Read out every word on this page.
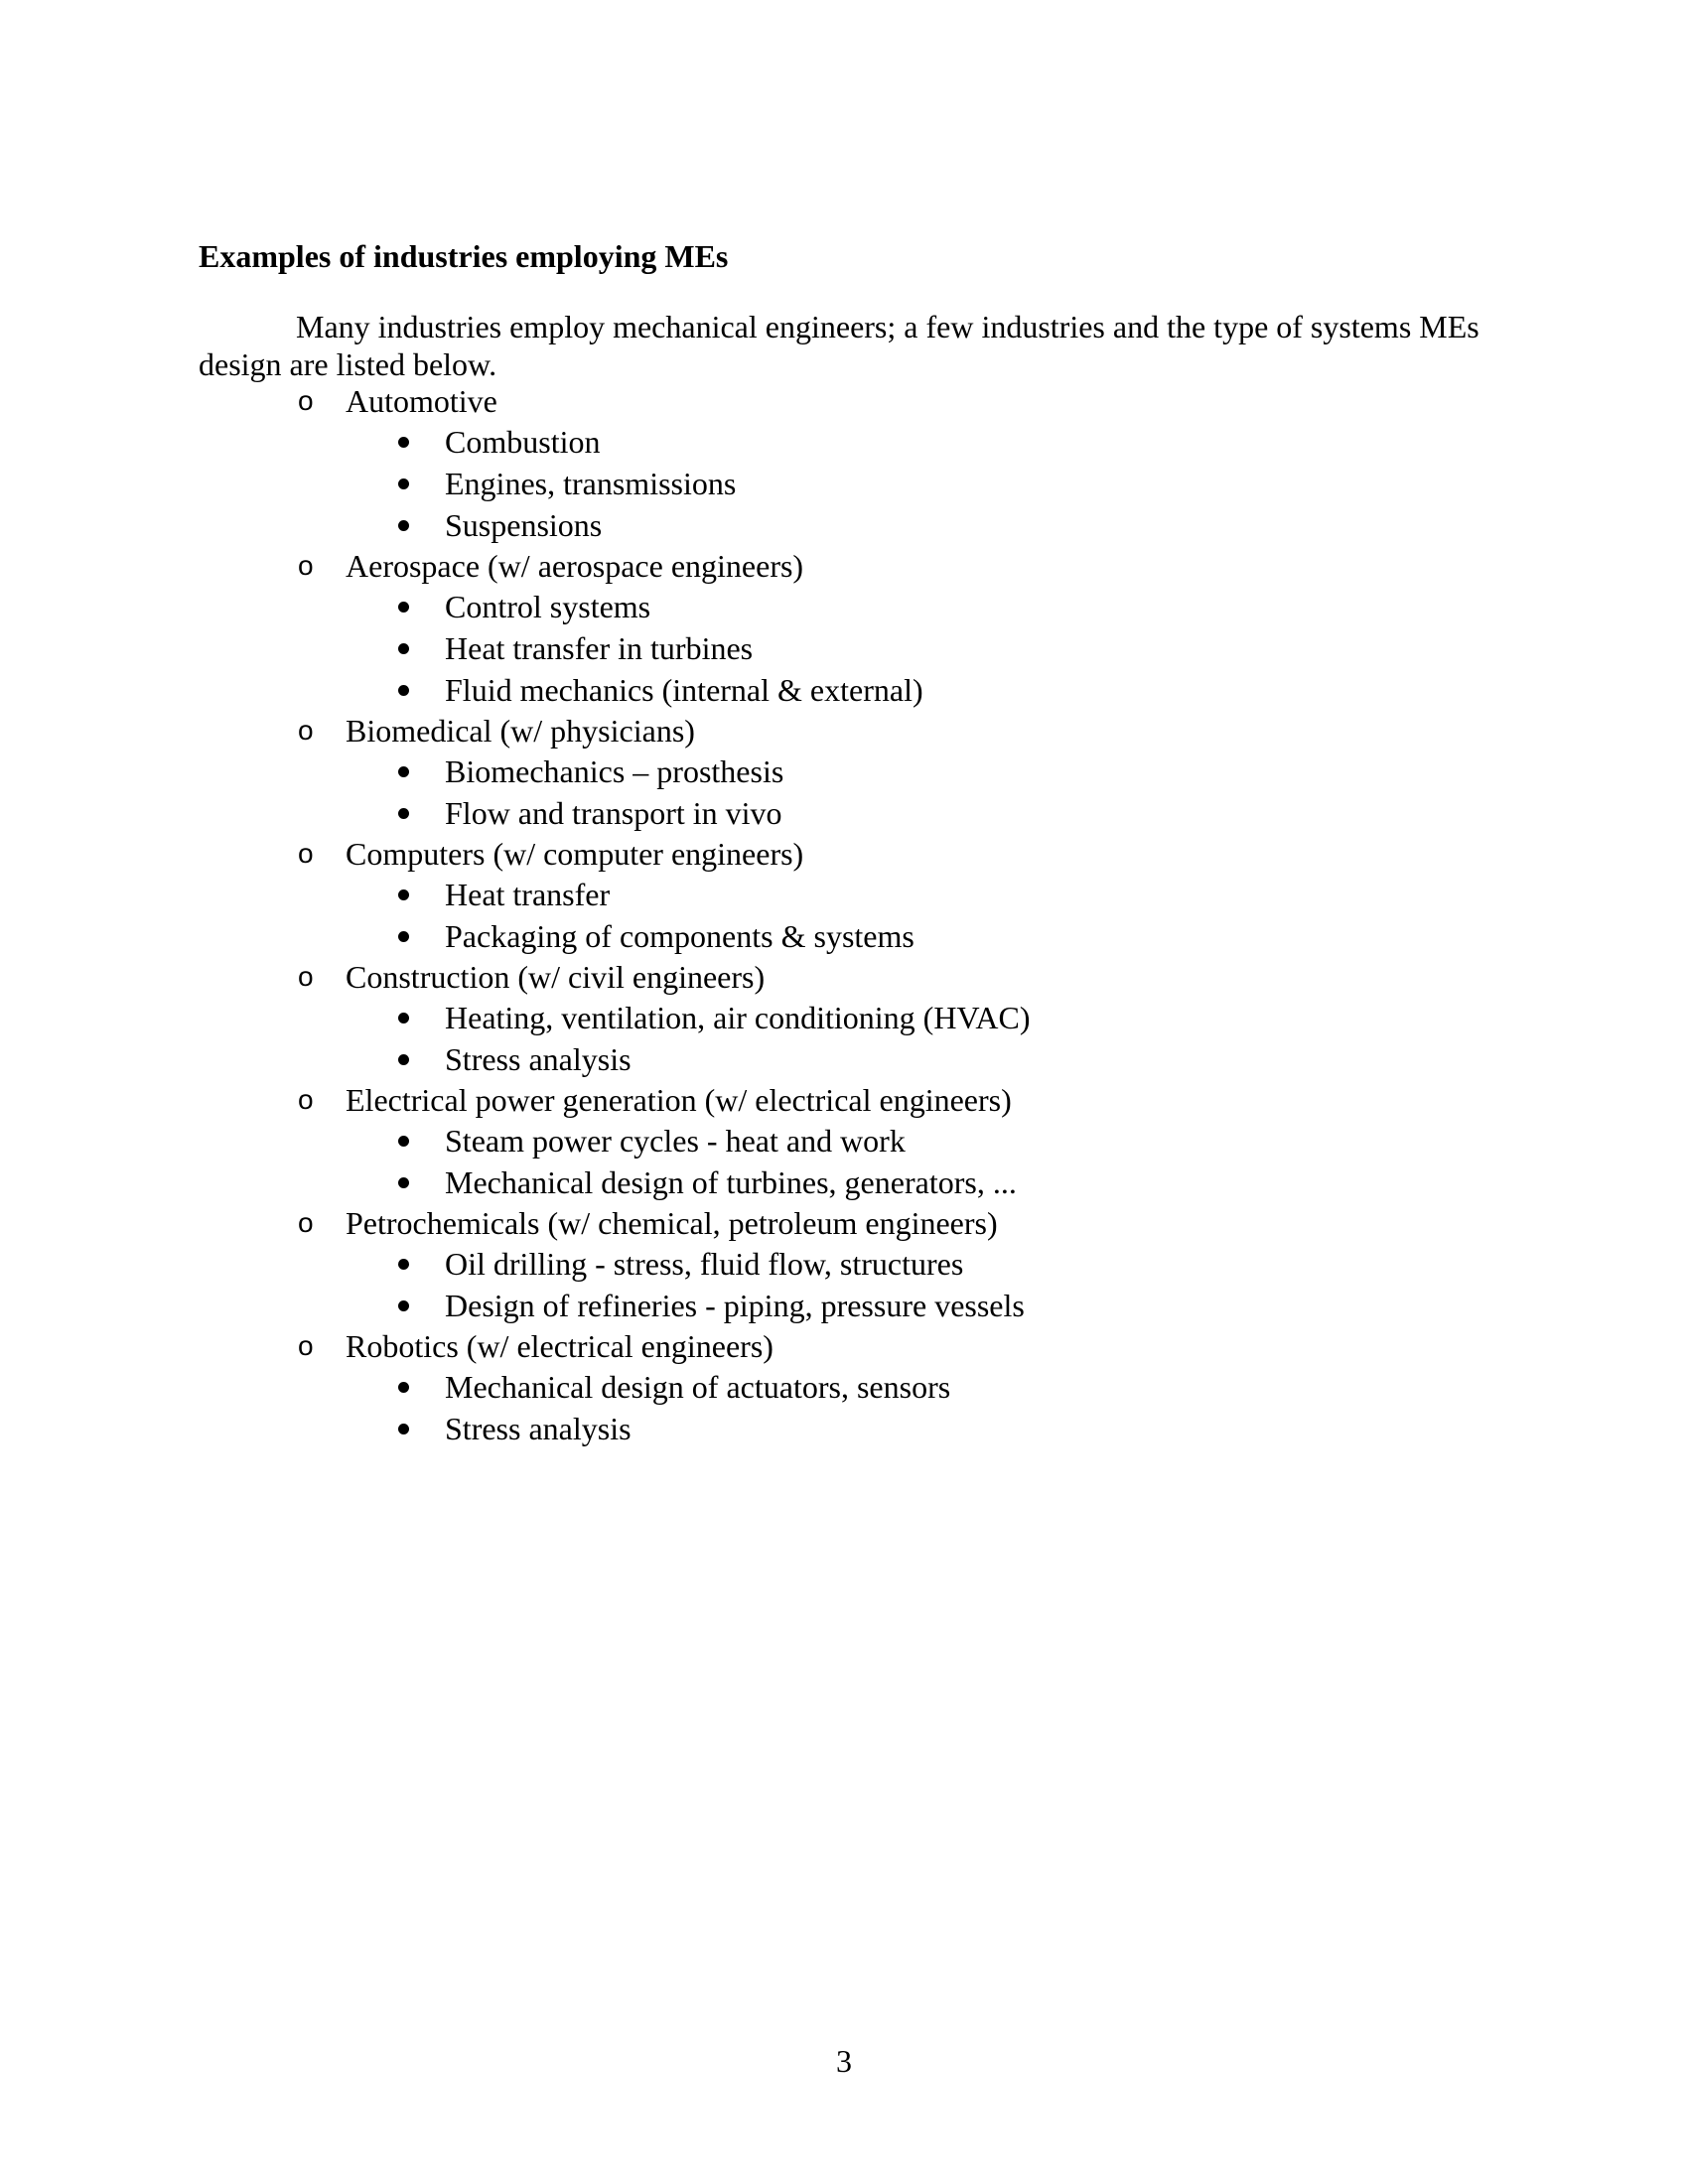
Examples of industries employing MEs
Many industries employ mechanical engineers; a few industries and the type of systems MEs design are listed below.
o Automotive
Combustion
Engines, transmissions
Suspensions
o Aerospace (w/ aerospace engineers)
Control systems
Heat transfer in turbines
Fluid mechanics (internal & external)
o Biomedical (w/ physicians)
Biomechanics – prosthesis
Flow and transport in vivo
o Computers (w/ computer engineers)
Heat transfer
Packaging of components & systems
o Construction (w/ civil engineers)
Heating, ventilation, air conditioning (HVAC)
Stress analysis
o Electrical power generation (w/ electrical engineers)
Steam power cycles - heat and work
Mechanical design of turbines, generators, ...
o Petrochemicals (w/ chemical, petroleum engineers)
Oil drilling - stress, fluid flow, structures
Design of refineries - piping, pressure vessels
o Robotics (w/ electrical engineers)
Mechanical design of actuators, sensors
Stress analysis
3
